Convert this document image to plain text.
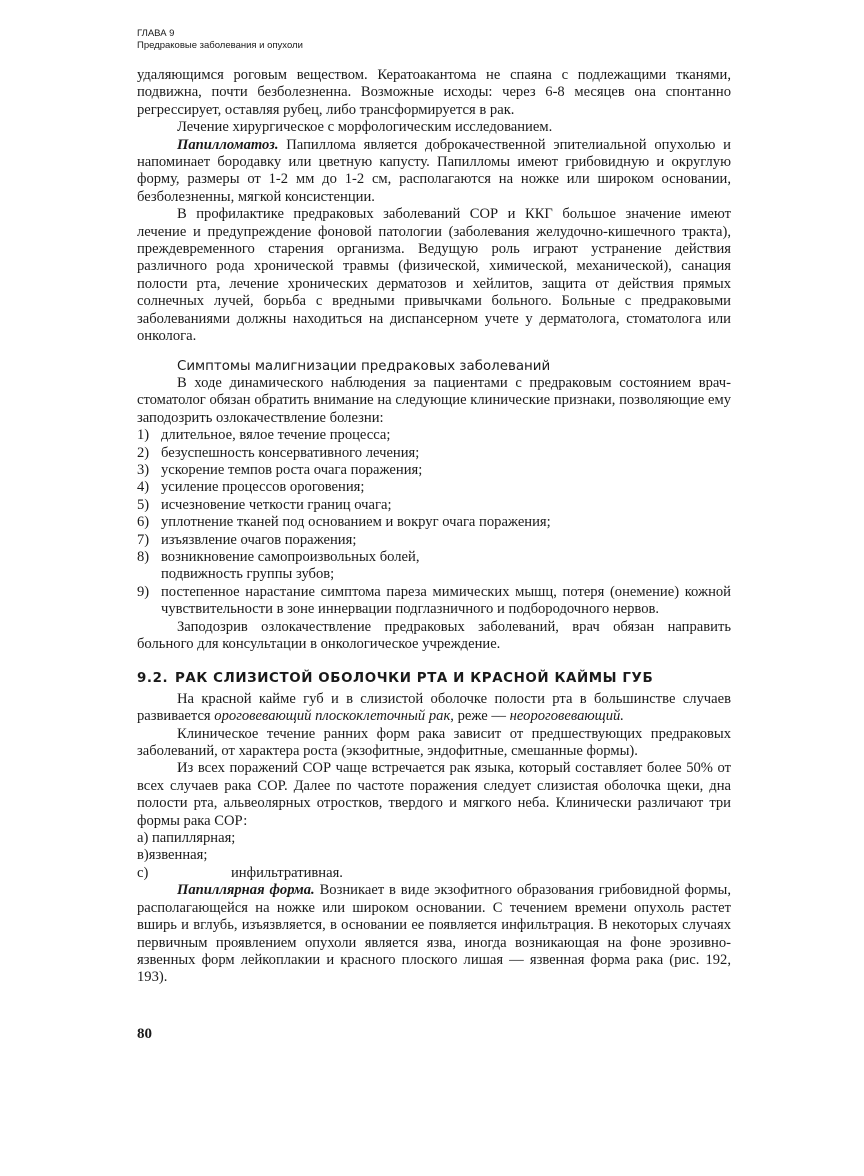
ГЛАВА 9
Предраковые заболевания и опухоли

удаляющимся роговым веществом. Кератоакантома не спаяна с подлежащими тканями, подвижна, почти безболезненна. Возможные исходы: через 6-8 месяцев она спонтанно регрессирует, оставляя рубец, либо трансформируется в рак.

Лечение хирургическое с морфологическим исследованием.

Папилломатоз. Папиллома является доброкачественной эпителиальной опухолью и напоминает бородавку или цветную капусту. Папилломы имеют грибовидную и округлую форму, размеры от 1-2 мм до 1-2 см, располагаются на ножке или широком основании, безболезненны, мягкой консистенции.

В профилактике предраковых заболеваний СОР и ККГ большое значение имеют лечение и предупреждение фоновой патологии (заболевания желудочно-кишечного тракта), преждевременного старения организма. Ведущую роль играют устранение действия различного рода хронической травмы (физической, химической, механической), санация полости рта, лечение хронических дерматозов и хейлитов, защита от действия прямых солнечных лучей, борьба с вредными привычками больного. Больные с предраковыми заболеваниями должны находиться на диспансерном учете у дерматолога, стоматолога или онколога.

Симптомы малигнизации предраковых заболеваний

В ходе динамического наблюдения за пациентами с предраковым состоянием врач-стоматолог обязан обратить внимание на следующие клинические признаки, позволяющие ему заподозрить озлокачествление болезни:

1) длительное, вялое течение процесса;
2) безуспешность консервативного лечения;
3) ускорение темпов роста очага поражения;
4) усиление процессов ороговения;
5) исчезновение четкости границ очага;
6) уплотнение тканей под основанием и вокруг очага поражения;
7) изъязвление очагов поражения;
8) возникновение самопроизвольных болей,
подвижность группы зубов;
9) постепенное нарастание симптома пареза мимических мышц, потеря (онемение) кожной чувствительности в зоне иннервации подглазничного и подбородочного нервов.

Заподозрив озлокачествление предраковых заболеваний, врач обязан направить больного для консультации в онкологическое учреждение.

9.2. РАК СЛИЗИСТОЙ ОБОЛОЧКИ РТА И КРАСНОЙ КАЙМЫ ГУБ

На красной кайме губ и в слизистой оболочке полости рта в большинстве случаев развивается ороговевающий плоскоклеточный рак, реже — неороговевающий.

Клиническое течение ранних форм рака зависит от предшествующих предраковых заболеваний, от характера роста (экзофитные, эндофитные, смешанные формы).

Из всех поражений СОР чаще встречается рак языка, который составляет более 50% от всех случаев рака СОР. Далее по частоте поражения следует слизистая оболочка щеки, дна полости рта, альвеолярных отростков, твердого и мягкого неба. Клинически различают три формы рака СОР:

а)
папиллярная;
в) язвенная;
с)	инфильтративная.

Папиллярная форма. Возникает в виде экзофитного образования грибовидной формы, располагающейся на ножке или широком основании. С течением времени опухоль растет вширь и вглубь, изъязвляется, в основании ее появляется инфильтрация. В некоторых случаях первичным проявлением опухоли является язва, иногда возникающая на фоне эрозивно-язвенных форм лейкоплакии и красного плоского лишая — язвенная форма рака (рис. 192, 193).

80
